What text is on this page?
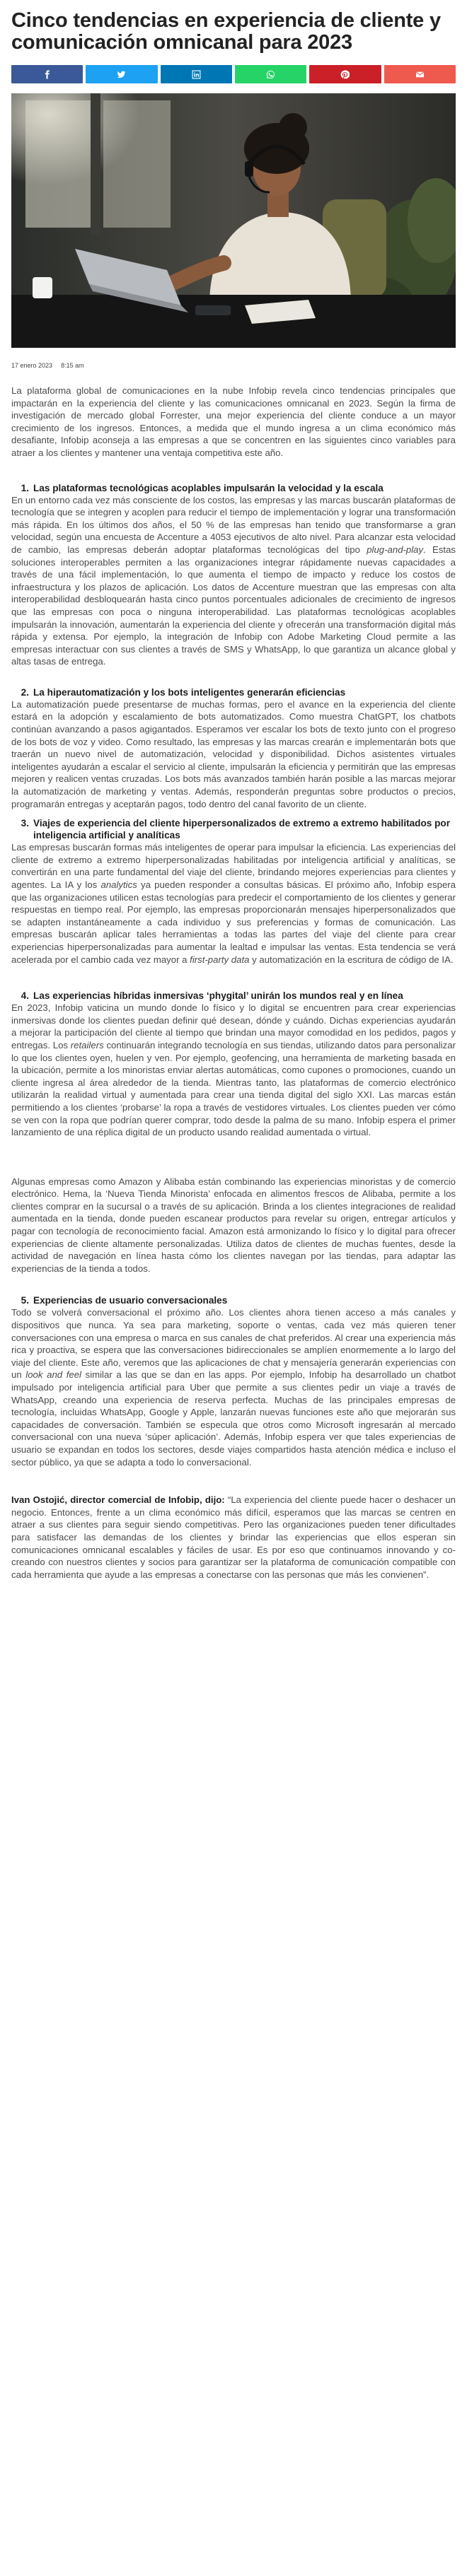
Cinco tendencias en experiencia de cliente y comunicación omnicanal para 2023
17 enero 2023 8:15 am

La plataforma global de comunicaciones en la nube Infobip revela cinco tendencias principales que impactarán en la experiencia del cliente y las comunicaciones omnicanal en 2023. Según la firma de investigación de mercado global Forrester, una mejor experiencia del cliente conduce a un mayor crecimiento de los ingresos. Entonces, a medida que el mundo ingresa a un clima económico más desafiante, Infobip aconseja a las empresas a que se concentren en las siguientes cinco variables para atraer a los clientes y mantener una ventaja competitiva este año.

1. Las plataformas tecnológicas acoplables impulsarán la velocidad y la escala

En un entorno cada vez más consciente de los costos, las empresas y las marcas buscarán plataformas de tecnología que se integren y acoplen para reducir el tiempo de implementación y lograr una transformación más rápida. En los últimos dos años, el 50 % de las empresas han tenido que transformarse a gran velocidad, según una encuesta de Accenture a 4053 ejecutivos de alto nivel. Para alcanzar esta velocidad de cambio, las empresas deberán adoptar plataformas tecnológicas del tipo plug-and-play. Estas soluciones interoperables permiten a las organizaciones integrar rápidamente nuevas capacidades a través de una fácil implementación, lo que aumenta el tiempo de impacto y reduce los costos de infraestructura y los plazos de aplicación. Los datos de Accenture muestran que las empresas con alta interoperabilidad desbloquearán hasta cinco puntos porcentuales adicionales de crecimiento de ingresos que las empresas con poca o ninguna interoperabilidad. Las plataformas tecnológicas acoplables impulsarán la innovación, aumentarán la experiencia del cliente y ofrecerán una transformación digital más rápida y extensa. Por ejemplo, la integración de Infobip con Adobe Marketing Cloud permite a las empresas interactuar con sus clientes a través de SMS y WhatsApp, lo que garantiza un alcance global y altas tasas de entrega.

2. La hiperautomatización y los bots inteligentes generarán eficiencias

La automatización puede presentarse de muchas formas, pero el avance en la experiencia del cliente estará en la adopción y escalamiento de bots automatizados. Como muestra ChatGPT, los chatbots continúan avanzando a pasos agigantados. Esperamos ver escalar los bots de texto junto con el progreso de los bots de voz y video. Como resultado, las empresas y las marcas crearán e implementarán bots que traerán un nuevo nivel de automatización, velocidad y disponibilidad. Dichos asistentes virtuales inteligentes ayudarán a escalar el servicio al cliente, impulsarán la eficiencia y permitirán que las empresas mejoren y realicen ventas cruzadas. Los bots más avanzados también harán posible a las marcas mejorar la automatización de marketing y ventas. Además, responderán preguntas sobre productos o precios, programarán entregas y aceptarán pagos, todo dentro del canal favorito de un cliente.

3. Viajes de experiencia del cliente hiperpersonalizados de extremo a extremo habilitados por inteligencia artificial y analíticas

Las empresas buscarán formas más inteligentes de operar para impulsar la eficiencia. Las experiencias del cliente de extremo a extremo hiperpersonalizadas habilitadas por inteligencia artificial y analíticas, se convertirán en una parte fundamental del viaje del cliente, brindando mejores experiencias para clientes y agentes. La IA y los analytics ya pueden responder a consultas básicas. El próximo año, Infobip espera que las organizaciones utilicen estas tecnologías para predecir el comportamiento de los clientes y generar respuestas en tiempo real. Por ejemplo, las empresas proporcionarán mensajes hiperpersonalizados que se adapten instantáneamente a cada individuo y sus preferencias y formas de comunicación. Las empresas buscarán aplicar tales herramientas a todas las partes del viaje del cliente para crear experiencias hiperpersonalizadas para aumentar la lealtad e impulsar las ventas. Esta tendencia se verá acelerada por el cambio cada vez mayor a first-party data y automatización en la escritura de código de IA.

4. Las experiencias híbridas inmersivas ‘phygital’ unirán los mundos real y en línea

En 2023, Infobip vaticina un mundo donde lo físico y lo digital se encuentren para crear experiencias inmersivas donde los clientes puedan definir qué desean, dónde y cuándo. Dichas experiencias ayudarán a mejorar la participación del cliente al tiempo que brindan una mayor comodidad en los pedidos, pagos y entregas. Los retailers continuarán integrando tecnología en sus tiendas, utilizando datos para personalizar lo que los clientes oyen, huelen y ven. Por ejemplo, geofencing, una herramienta de marketing basada en la ubicación, permite a los minoristas enviar alertas automáticas, como cupones o promociones, cuando un cliente ingresa al área alrededor de la tienda. Mientras tanto, las plataformas de comercio electrónico utilizarán la realidad virtual y aumentada para crear una tienda digital del siglo XXI. Las marcas están permitiendo a los clientes ‘probarse’ la ropa a través de vestidores virtuales. Los clientes pueden ver cómo se ven con la ropa que podrían querer comprar, todo desde la palma de su mano. Infobip espera el primer lanzamiento de una réplica digital de un producto usando realidad aumentada o virtual.

Algunas empresas como Amazon y Alibaba están combinando las experiencias minoristas y de comercio electrónico. Hema, la ‘Nueva Tienda Minorista’ enfocada en alimentos frescos de Alibaba, permite a los clientes comprar en la sucursal o a través de su aplicación. Brinda a los clientes integraciones de realidad aumentada en la tienda, donde pueden escanear productos para revelar su origen, entregar artículos y pagar con tecnología de reconocimiento facial. Amazon está armonizando lo físico y lo digital para ofrecer experiencias de cliente altamente personalizadas. Utiliza datos de clientes de muchas fuentes, desde la actividad de navegación en línea hasta cómo los clientes navegan por las tiendas, para adaptar las experiencias de la tienda a todos.

5. Experiencias de usuario conversacionales

Todo se volverá conversacional el próximo año. Los clientes ahora tienen acceso a más canales y dispositivos que nunca. Ya sea para marketing, soporte o ventas, cada vez más quieren tener conversaciones con una empresa o marca en sus canales de chat preferidos. Al crear una experiencia más rica y proactiva, se espera que las conversaciones bidireccionales se amplíen enormemente a lo largo del viaje del cliente. Este año, veremos que las aplicaciones de chat y mensajería generarán experiencias con un look and feel similar a las que se dan en las apps. Por ejemplo, Infobip ha desarrollado un chatbot impulsado por inteligencia artificial para Uber que permite a sus clientes pedir un viaje a través de WhatsApp, creando una experiencia de reserva perfecta. Muchas de las principales empresas de tecnología, incluidas WhatsApp, Google y Apple, lanzarán nuevas funciones este año que mejorarán sus capacidades de conversación. También se especula que otros como Microsoft ingresarán al mercado conversacional con una nueva ‘súper aplicación’. Además, Infobip espera ver que tales experiencias de usuario se expandan en todos los sectores, desde viajes compartidos hasta atención médica e incluso el sector público, ya que se adapta a todo lo conversacional.

Ivan Ostojić, director comercial de Infobip, dijo: “La experiencia del cliente puede hacer o deshacer un negocio. Entonces, frente a un clima económico más difícil, esperamos que las marcas se centren en atraer a sus clientes para seguir siendo competitivas. Pero las organizaciones pueden tener dificultades para satisfacer las demandas de los clientes y brindar las experiencias que ellos esperan sin comunicaciones omnicanal escalables y fáciles de usar. Es por eso que continuamos innovando y co-creando con nuestros clientes y socios para garantizar ser la plataforma de comunicación compatible con cada herramienta que ayude a las empresas a conectarse con las personas que más les convienen”.
